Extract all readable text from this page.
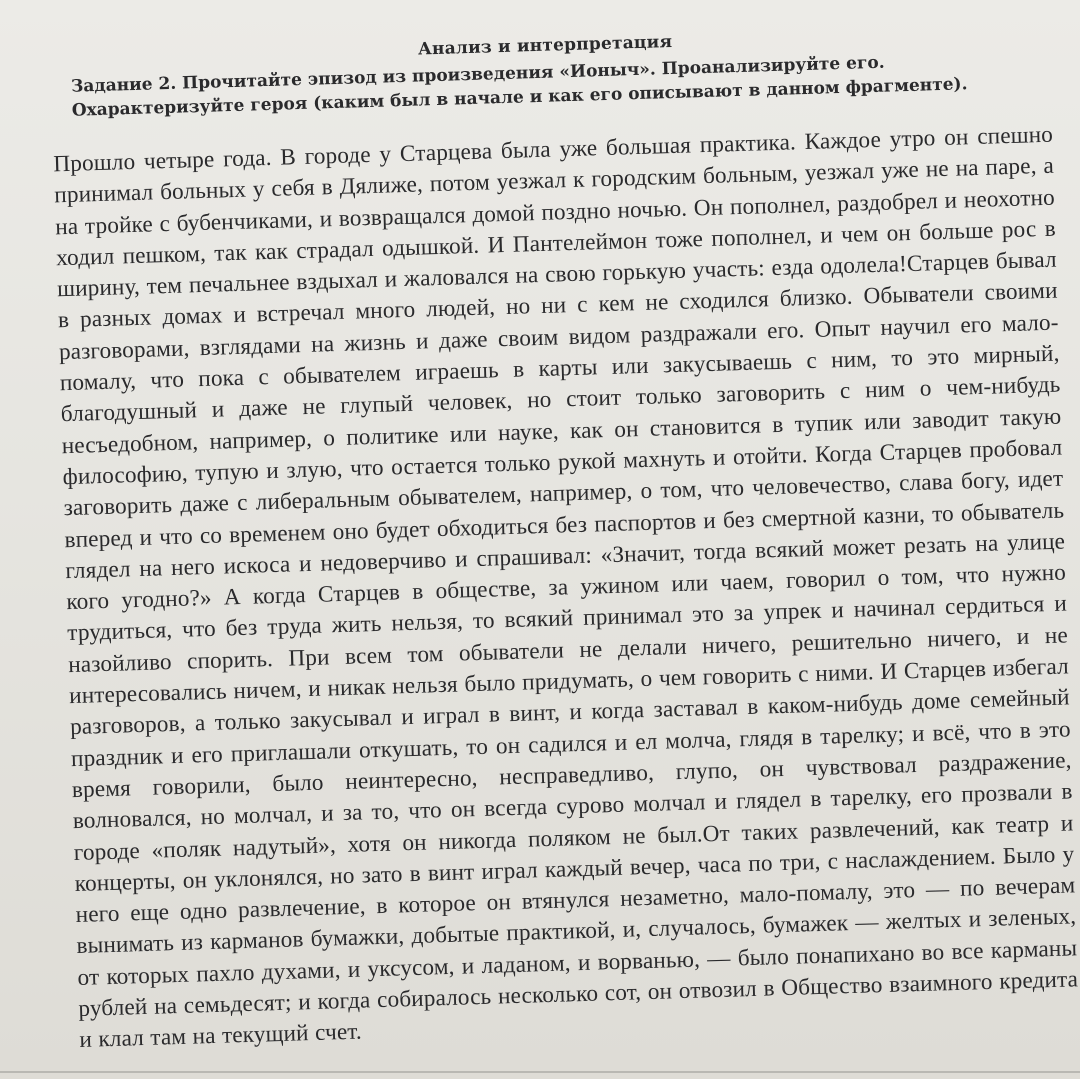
Анализ и интерпретация

Задание 2. Прочитайте эпизод из произведения «Ионыч». Проанализируйте его. Охарактеризуйте героя (каким был в начале и как его описывают в данном фрагменте).

Прошло четыре года. В городе у Старцева была уже большая практика. Каждое утро он спешно принимал больных у себя в Дялиже, потом уезжал к городским больным, уезжал уже не на паре, а на тройке с бубенчиками, и возвращался домой поздно ночью. Он пополнел, раздобрел и неохотно ходил пешком, так как страдал одышкой. И Пантелеймон тоже пополнел, и чем он больше рос в ширину, тем печальнее вздыхал и жаловался на свою горькую участь: езда одолела!Старцев бывал в разных домах и встречал много людей, но ни с кем не сходился близко. Обыватели своими разговорами, взглядами на жизнь и даже своим видом раздражали его. Опыт научил его мало-помалу, что пока с обывателем играешь в карты или закусываешь с ним, то это мирный, благодушный и даже не глупый человек, но стоит только заговорить с ним о чем-нибудь несъедобном, например, о политике или науке, как он становится в тупик или заводит такую философию, тупую и злую, что остается только рукой махнуть и отойти. Когда Старцев пробовал заговорить даже с либеральным обывателем, например, о том, что человечество, слава богу, идет вперед и что со временем оно будет обходиться без паспортов и без смертной казни, то обыватель глядел на него искоса и недоверчиво и спрашивал: «Значит, тогда всякий может резать на улице кого угодно?» А когда Старцев в обществе, за ужином или чаем, говорил о том, что нужно трудиться, что без труда жить нельзя, то всякий принимал это за упрек и начинал сердиться и назойливо спорить. При всем том обыватели не делали ничего, решительно ничего, и не интересовались ничем, и никак нельзя было придумать, о чем говорить с ними. И Старцев избегал разговоров, а только закусывал и играл в винт, и когда заставал в каком-нибудь доме семейный праздник и его приглашали откушать, то он садился и ел молча, глядя в тарелку; и всё, что в это время говорили, было неинтересно, несправедливо, глупо, он чувствовал раздражение, волновался, но молчал, и за то, что он всегда сурово молчал и глядел в тарелку, его прозвали в городе «поляк надутый», хотя он никогда поляком не был.От таких развлечений, как театр и концерты, он уклонялся, но зато в винт играл каждый вечер, часа по три, с наслаждением. Было у него еще одно развлечение, в которое он втянулся незаметно, мало-помалу, это — по вечерам вынимать из карманов бумажки, добытые практикой, и, случалось, бумажек — желтых и зеленых, от которых пахло духами, и уксусом, и ладаном, и ворванью, — было понапихано во все карманы рублей на семьдесят; и когда собиралось несколько сот, он отвозил в Общество взаимного кредита и клал там на текущий счет.
